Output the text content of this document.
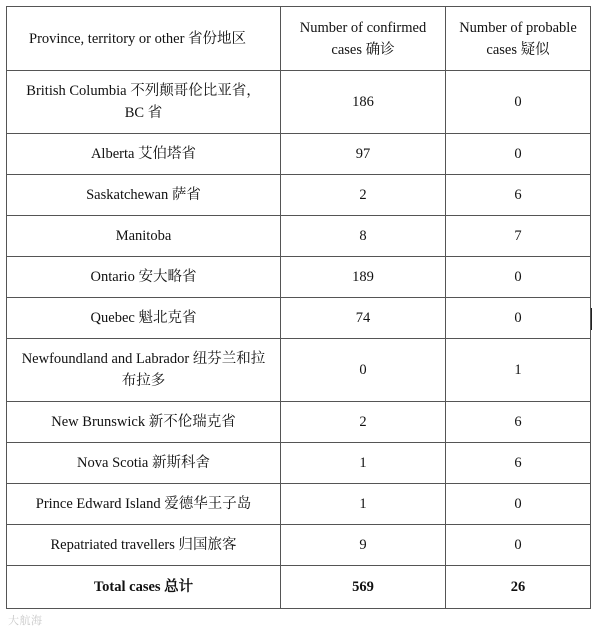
Province, territory or other 省份地区	Number of confirmed cases 确诊	Number of probable cases 疑似
British Columbia 不列颠哥伦比亚省，BC 省	186	0
Alberta 艾伯塔省	97	0
Saskatchewan 萨省	2	6
Manitoba	8	7
Ontario 安大略省	189	0
Quebec 魁北克省	74	0
Newfoundland and Labrador 纽芬兰和拉布拉多	0	1
New Brunswick 新不伦瑞克省	2	6
Nova Scotia 新斯科舍	1	6
Prince Edward Island 爱德华王子岛	1	0
Repatriated travellers 归国旅客	9	0
Total cases 总计	569	26
大航海
